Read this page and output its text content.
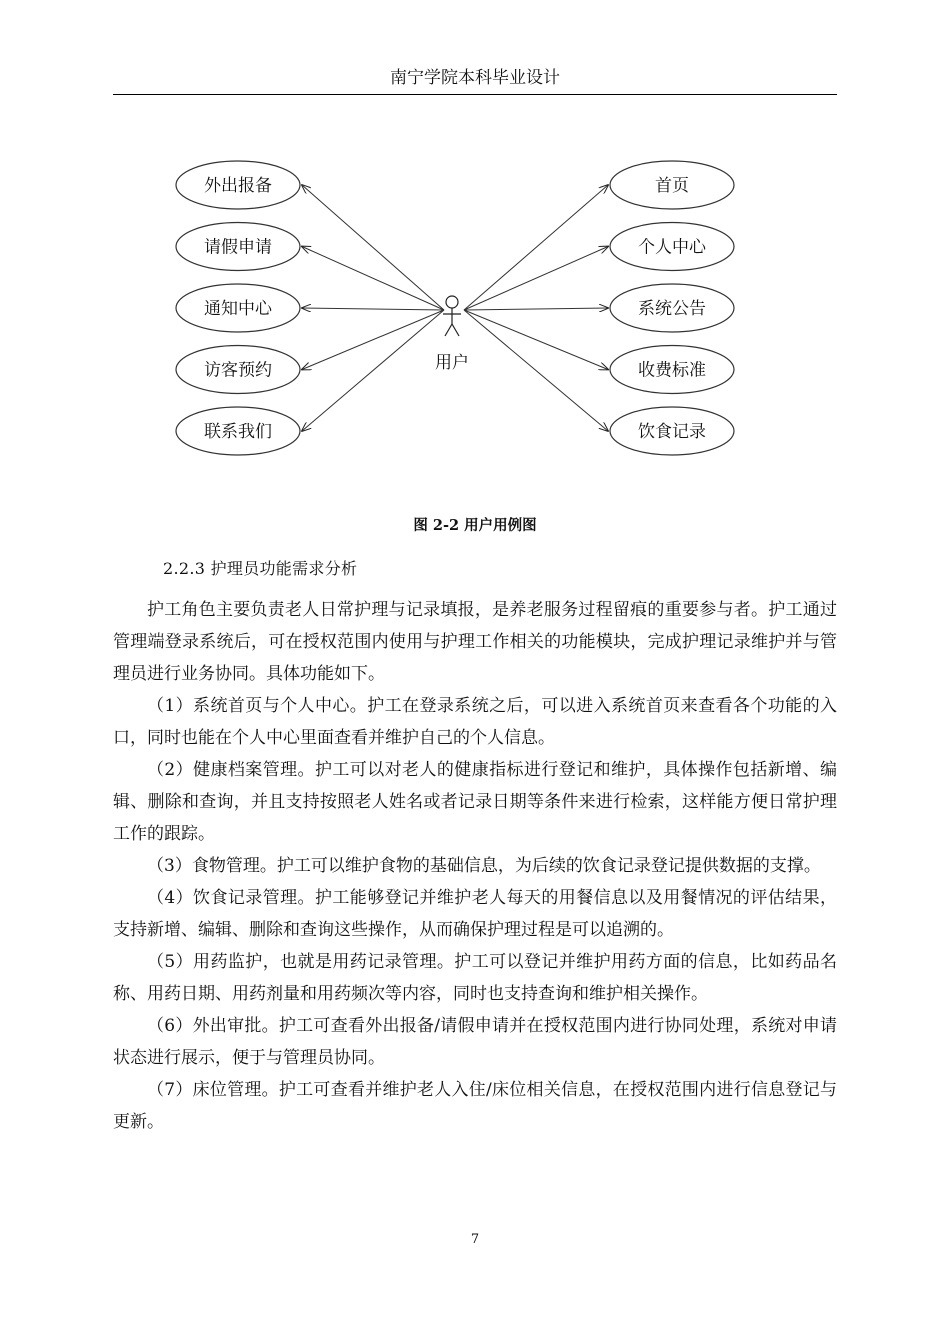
南宁学院本科毕业设计
外出报备
请假申请
通知中心
访客预约
联系我们
首页
个人中心
系统公告
收费标准
饮食记录
用户
图 2-2 用户用例图
2.2.3 护理员功能需求分析

护工角色主要负责老人日常护理与记录填报，是养老服务过程留痕的重要参与者。护工通过管理端登录系统后，可在授权范围内使用与护理工作相关的功能模块，完成护理记录维护并与管理员进行业务协同。具体功能如下。

（1）系统首页与个人中心。护工在登录系统之后，可以进入系统首页来查看各个功能的入口，同时也能在个人中心里面查看并维护自己的个人信息。

（2）健康档案管理。护工可以对老人的健康指标进行登记和维护，具体操作包括新增、编辑、删除和查询，并且支持按照老人姓名或者记录日期等条件来进行检索，这样能方便日常护理工作的跟踪。

（3）食物管理。护工可以维护食物的基础信息，为后续的饮食记录登记提供数据的支撑。

（4）饮食记录管理。护工能够登记并维护老人每天的用餐信息以及用餐情况的评估结果，支持新增、编辑、删除和查询这些操作，从而确保护理过程是可以追溯的。

（5）用药监护，也就是用药记录管理。护工可以登记并维护用药方面的信息，比如药品名称、用药日期、用药剂量和用药频次等内容，同时也支持查询和维护相关操作。

（6）外出审批。护工可查看外出报备/请假申请并在授权范围内进行协同处理，系统对申请状态进行展示，便于与管理员协同。

（7）床位管理。护工可查看并维护老人入住/床位相关信息，在授权范围内进行信息登记与更新。

7
